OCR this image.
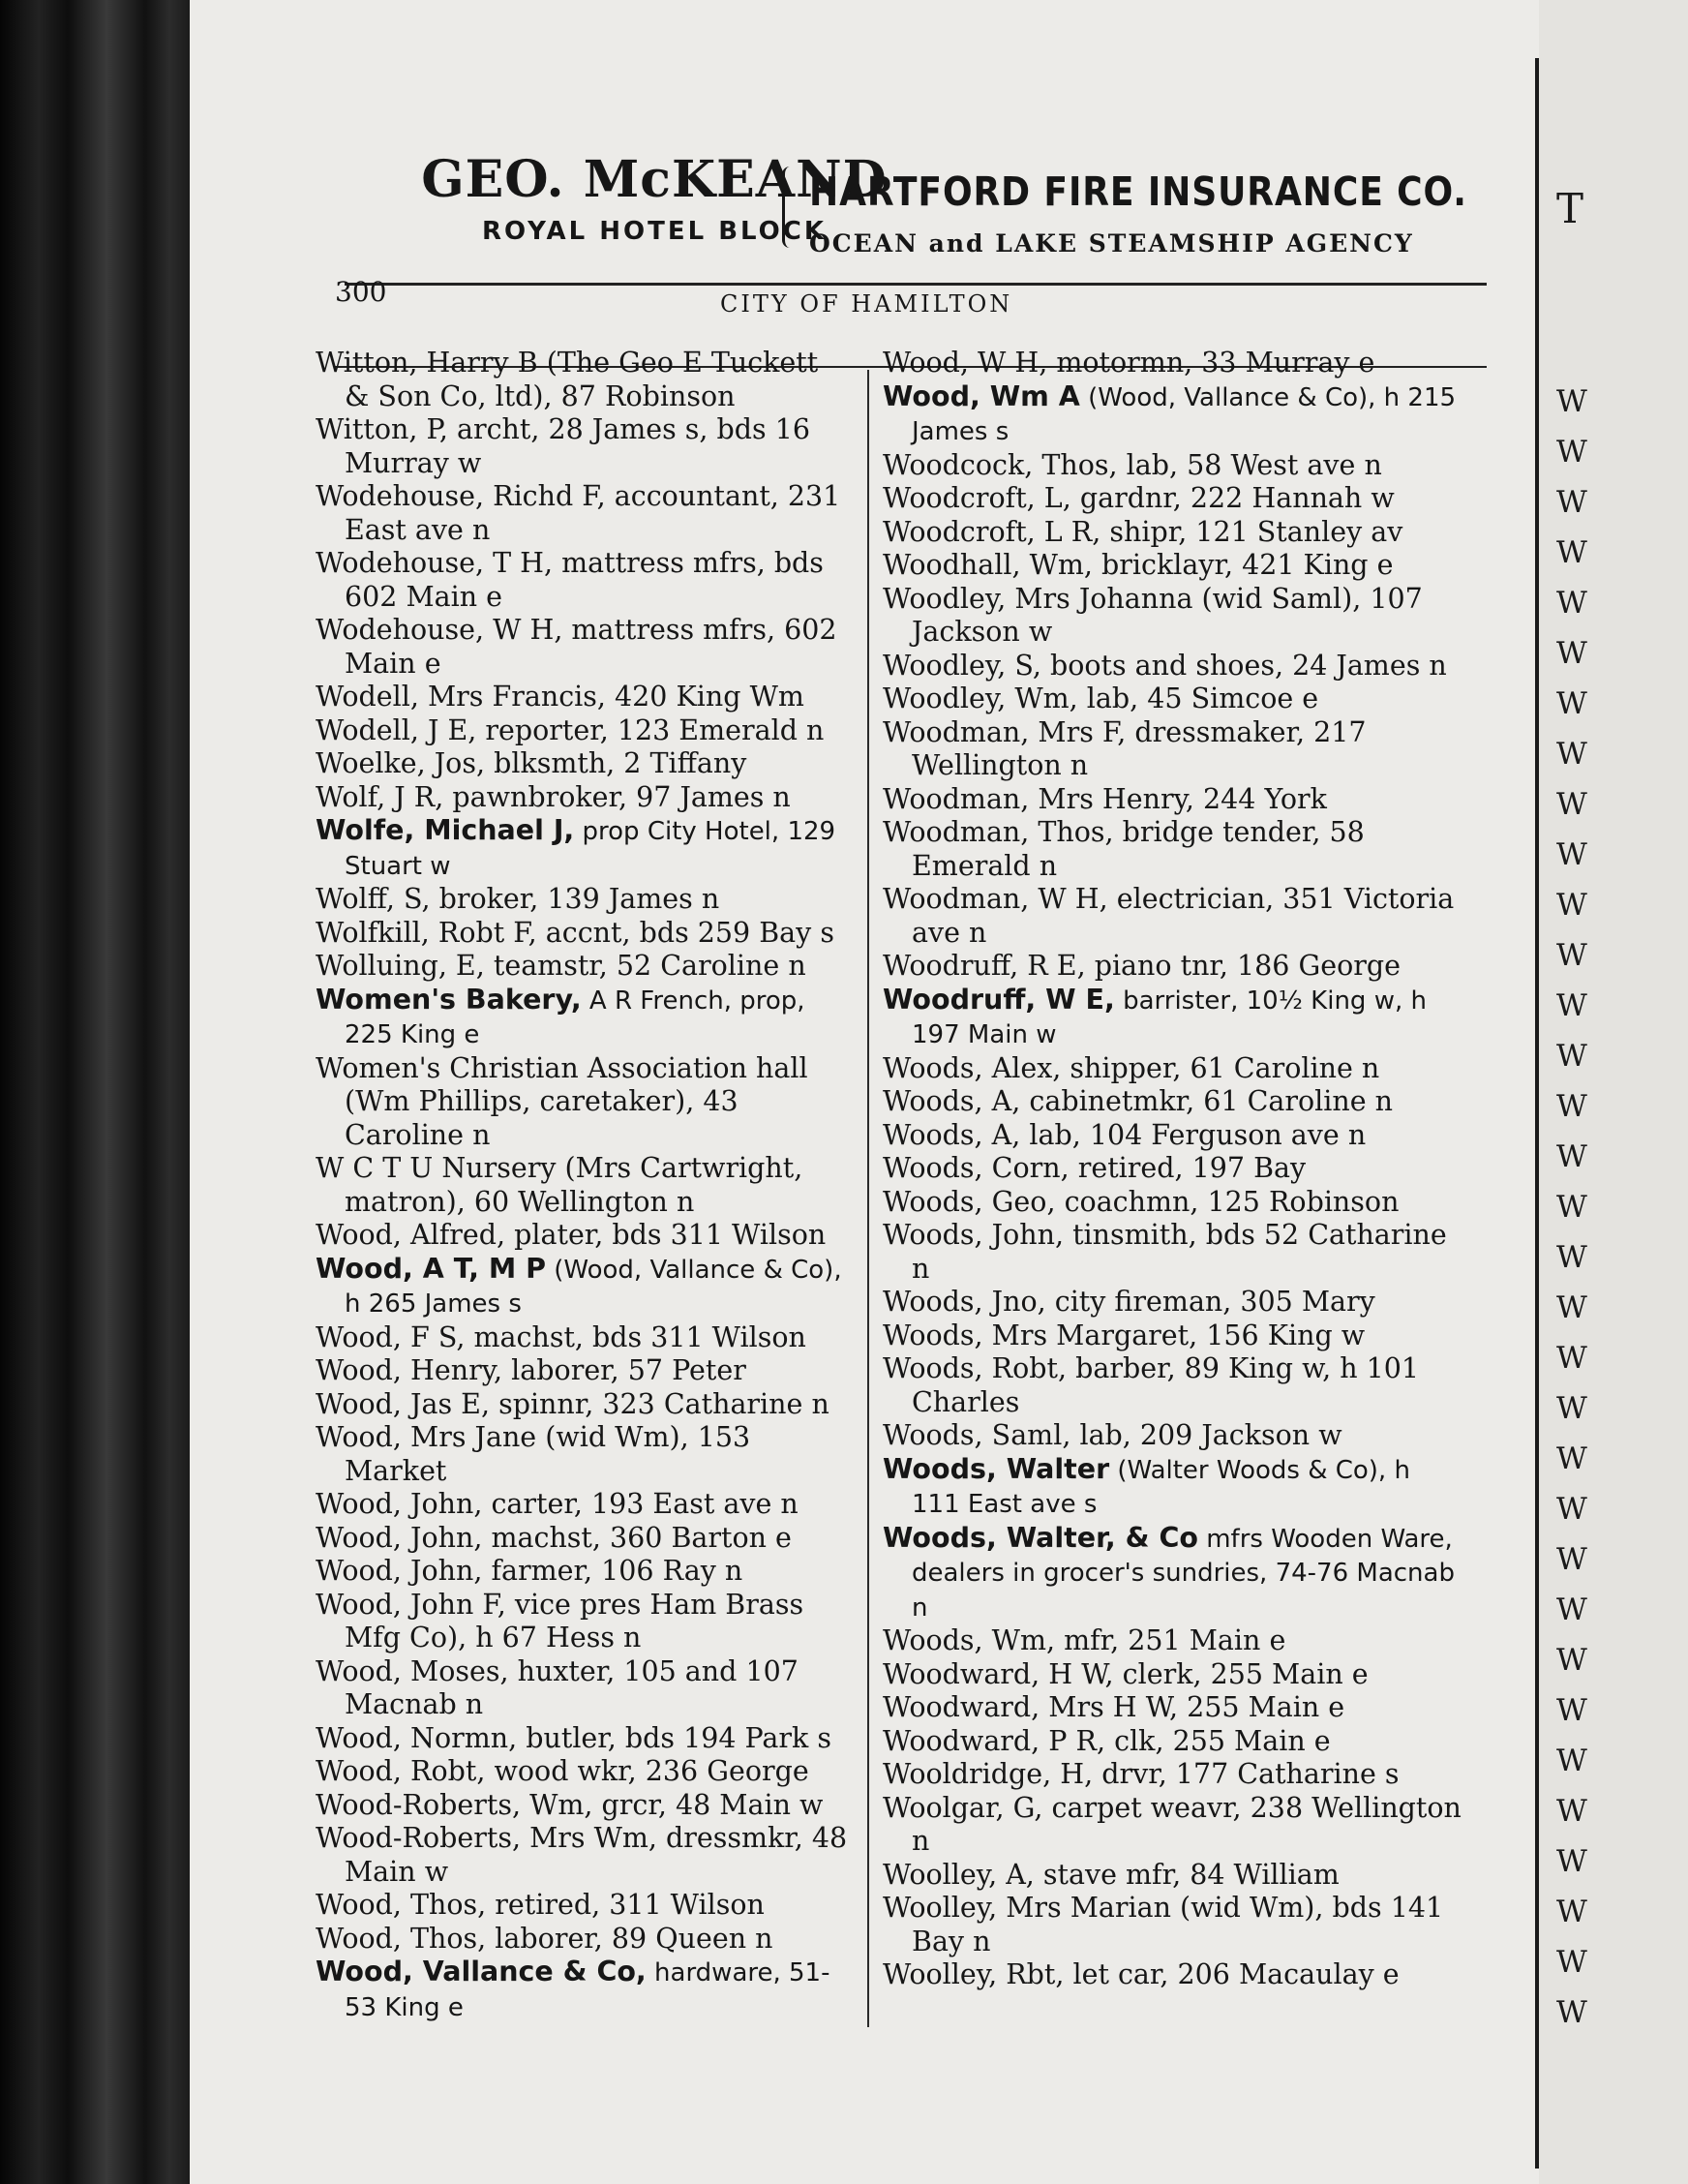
GEO. McKEAND
ROYAL HOTEL BLOCK
HARTFORD FIRE INSURANCE CO.
OCEAN and LAKE STEAMSHIP AGENCY
300	CITY OF HAMILTON

Witton, Harry B (The Geo E Tuckett & Son Co, ltd), 87 Robinson

Witton, P, archt, 28 James s, bds 16 Murray w

Wodehouse, Richd F, accountant, 231 East ave n

Wodehouse, T H, mattress mfrs, bds 602 Main e

Wodehouse, W H, mattress mfrs, 602 Main e

Wodell, Mrs Francis, 420 King Wm

Wodell, J E, reporter, 123 Emerald n

Woelke, Jos, blksmth, 2 Tiffany

Wolf, J R, pawnbroker, 97 James n

Wolfe, Michael J, prop City Hotel, 129 Stuart w

Wolff, S, broker, 139 James n

Wolfkill, Robt F, accnt, bds 259 Bay s

Wolluing, E, teamstr, 52 Caroline n

Women's Bakery, A R French, prop, 225 King e

Women's Christian Association hall (Wm Phillips, caretaker), 43 Caroline n

W C T U Nursery (Mrs Cartwright, matron), 60 Wellington n

Wood, Alfred, plater, bds 311 Wilson

Wood, A T, M P (Wood, Vallance & Co), h 265 James s

Wood, F S, machst, bds 311 Wilson

Wood, Henry, laborer, 57 Peter

Wood, Jas E, spinnr, 323 Catharine n

Wood, Mrs Jane (wid Wm), 153 Market

Wood, John, carter, 193 East ave n

Wood, John, machst, 360 Barton e

Wood, John, farmer, 106 Ray n

Wood, John F, vice pres Ham Brass Mfg Co), h 67 Hess n

Wood, Moses, huxter, 105 and 107 Macnab n

Wood, Normn, butler, bds 194 Park s

Wood, Robt, wood wkr, 236 George

Wood-Roberts, Wm, grcr, 48 Main w

Wood-Roberts, Mrs Wm, dressmkr, 48 Main w

Wood, Thos, retired, 311 Wilson

Wood, Thos, laborer, 89 Queen n

Wood, Vallance & Co, hardware, 51-53 King e

Wood, W H, motormn, 33 Murray e

Wood, Wm A (Wood, Vallance & Co), h 215 James s

Woodcock, Thos, lab, 58 West ave n

Woodcroft, L, gardnr, 222 Hannah w

Woodcroft, L R, shipr, 121 Stanley av

Woodhall, Wm, bricklayr, 421 King e

Woodley, Mrs Johanna (wid Saml), 107 Jackson w

Woodley, S, boots and shoes, 24 James n

Woodley, Wm, lab, 45 Simcoe e

Woodman, Mrs F, dressmaker, 217 Wellington n

Woodman, Mrs Henry, 244 York

Woodman, Thos, bridge tender, 58 Emerald n

Woodman, W H, electrician, 351 Victoria ave n

Woodruff, R E, piano tnr, 186 George

Woodruff, W E, barrister, 10½ King w, h 197 Main w

Woods, Alex, shipper, 61 Caroline n

Woods, A, cabinetmkr, 61 Caroline n

Woods, A, lab, 104 Ferguson ave n

Woods, Corn, retired, 197 Bay

Woods, Geo, coachmn, 125 Robinson

Woods, John, tinsmith, bds 52 Catharine n

Woods, Jno, city fireman, 305 Mary

Woods, Mrs Margaret, 156 King w

Woods, Robt, barber, 89 King w, h 101 Charles

Woods, Saml, lab, 209 Jackson w

Woods, Walter (Walter Woods & Co), h 111 East ave s

Woods, Walter, & Co mfrs Wooden Ware, dealers in grocer's sundries, 74-76 Macnab n

Woods, Wm, mfr, 251 Main e

Woodward, H W, clerk, 255 Main e

Woodward, Mrs H W, 255 Main e

Woodward, P R, clk, 255 Main e

Wooldridge, H, drvr, 177 Catharine s

Woolgar, G, carpet weavr, 238 Wellington n

Woolley, A, stave mfr, 84 William

Woolley, Mrs Marian (wid Wm), bds 141 Bay n

Woolley, Rbt, let car, 206 Macaulay e

T
W
W
W
W
W
W
W
W
W
W
W
W
W
W
W
W
W
W
W
W
W
W
W
W
W
W
W
W
W
W
W
W
W
